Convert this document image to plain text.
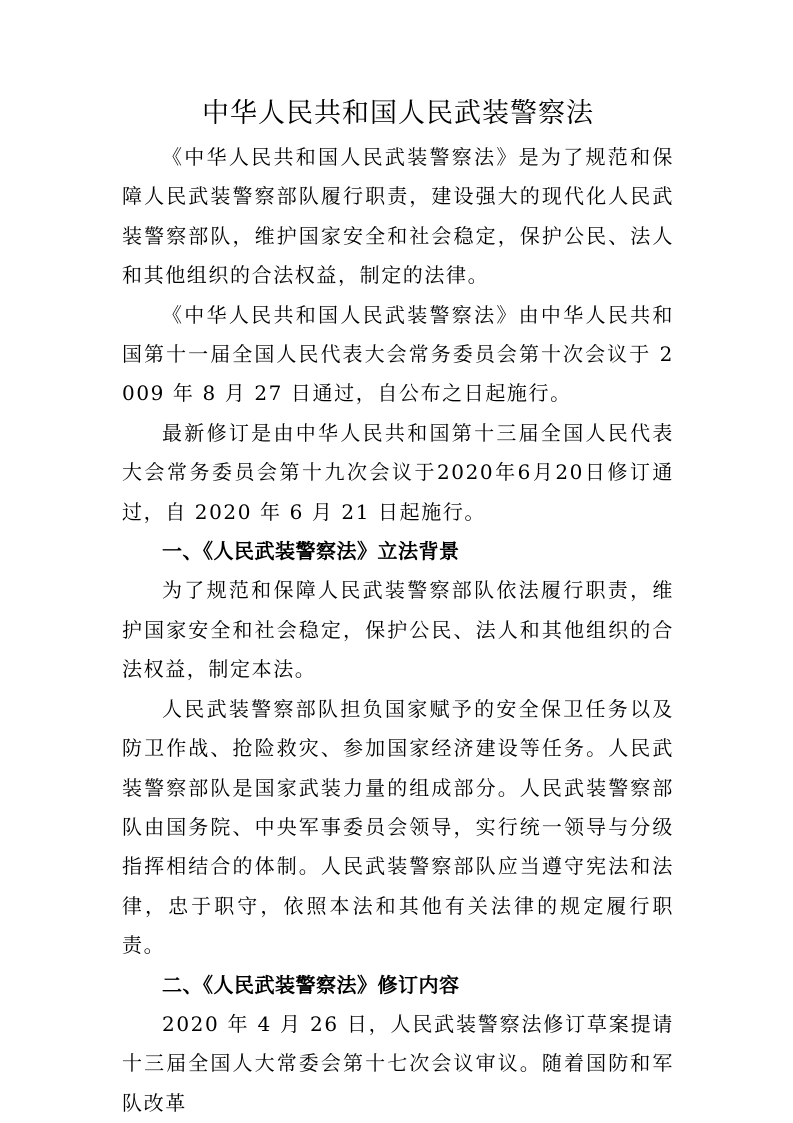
中华人民共和国人民武装警察法

《中华人民共和国人民武装警察法》是为了规范和保障人民武装警察部队履行职责，建设强大的现代化人民武装警察部队，维护国家安全和社会稳定，保护公民、法人和其他组织的合法权益，制定的法律。

《中华人民共和国人民武装警察法》由中华人民共和国第十一届全国人民代表大会常务委员会第十次会议于 2009 年 8 月 27 日通过，自公布之日起施行。

最新修订是由中华人民共和国第十三届全国人民代表大会常务委员会第十九次会议于2020年6月20日修订通过，自 2020 年 6 月 21 日起施行。

一、《人民武装警察法》立法背景

为了规范和保障人民武装警察部队依法履行职责，维护国家安全和社会稳定，保护公民、法人和其他组织的合法权益，制定本法。

人民武装警察部队担负国家赋予的安全保卫任务以及防卫作战、抢险救灾、参加国家经济建设等任务。人民武装警察部队是国家武装力量的组成部分。人民武装警察部队由国务院、中央军事委员会领导，实行统一领导与分级指挥相结合的体制。人民武装警察部队应当遵守宪法和法律，忠于职守，依照本法和其他有关法律的规定履行职责。

二、《人民武装警察法》修订内容

2020 年 4 月 26 日，人民武装警察法修订草案提请十三届全国人大常委会第十七次会议审议。随着国防和军队改革
